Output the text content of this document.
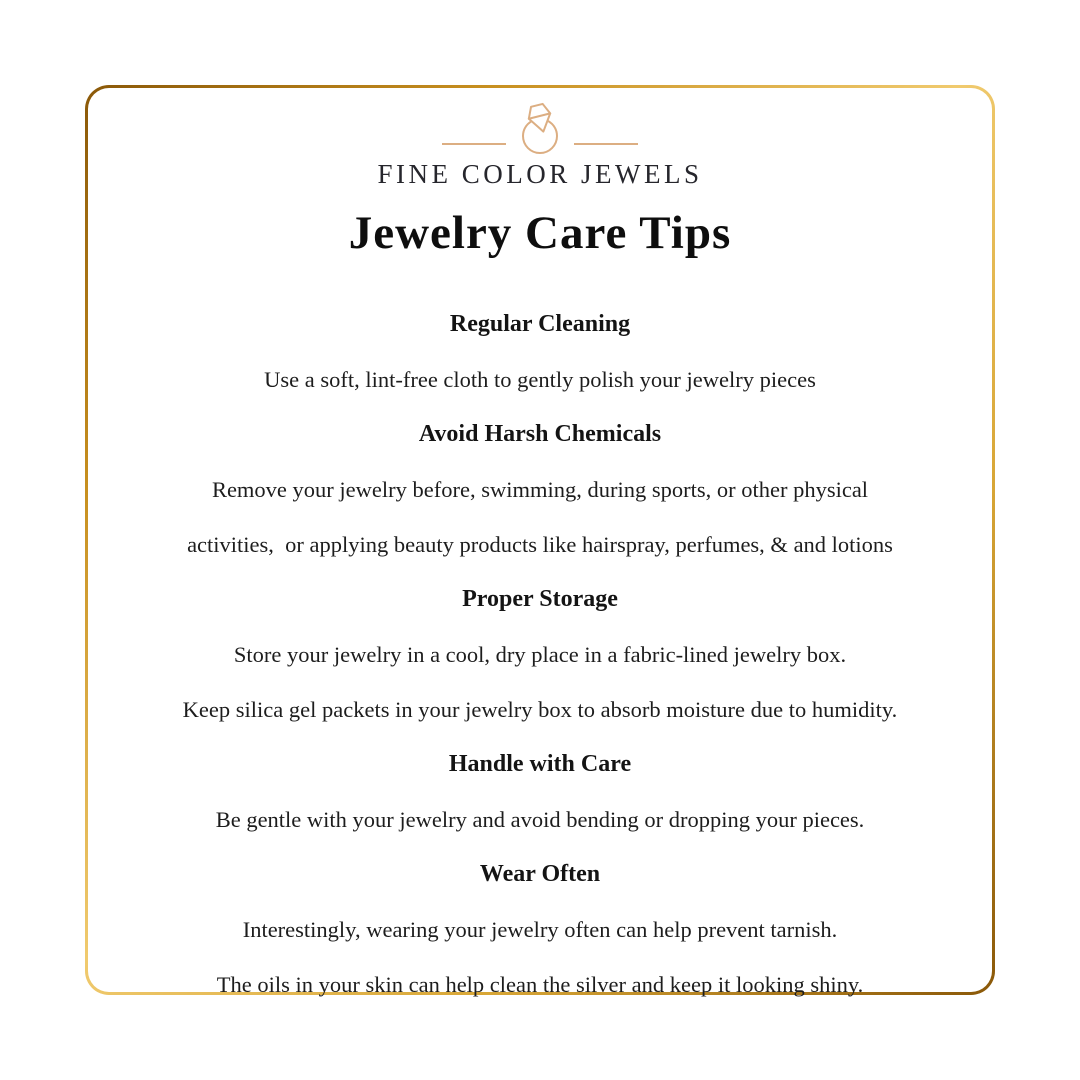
FINE COLOR JEWELS
Jewelry Care Tips

Regular Cleaning

Use a soft, lint-free cloth to gently polish your jewelry pieces

Avoid Harsh Chemicals

Remove your jewelry before, swimming, during sports, or other physical

activities,  or applying beauty products like hairspray, perfumes, & and lotions

Proper Storage

Store your jewelry in a cool, dry place in a fabric-lined jewelry box.

Keep silica gel packets in your jewelry box to absorb moisture due to humidity.

Handle with Care

Be gentle with your jewelry and avoid bending or dropping your pieces.

Wear Often

Interestingly, wearing your jewelry often can help prevent tarnish.

The oils in your skin can help clean the silver and keep it looking shiny.
